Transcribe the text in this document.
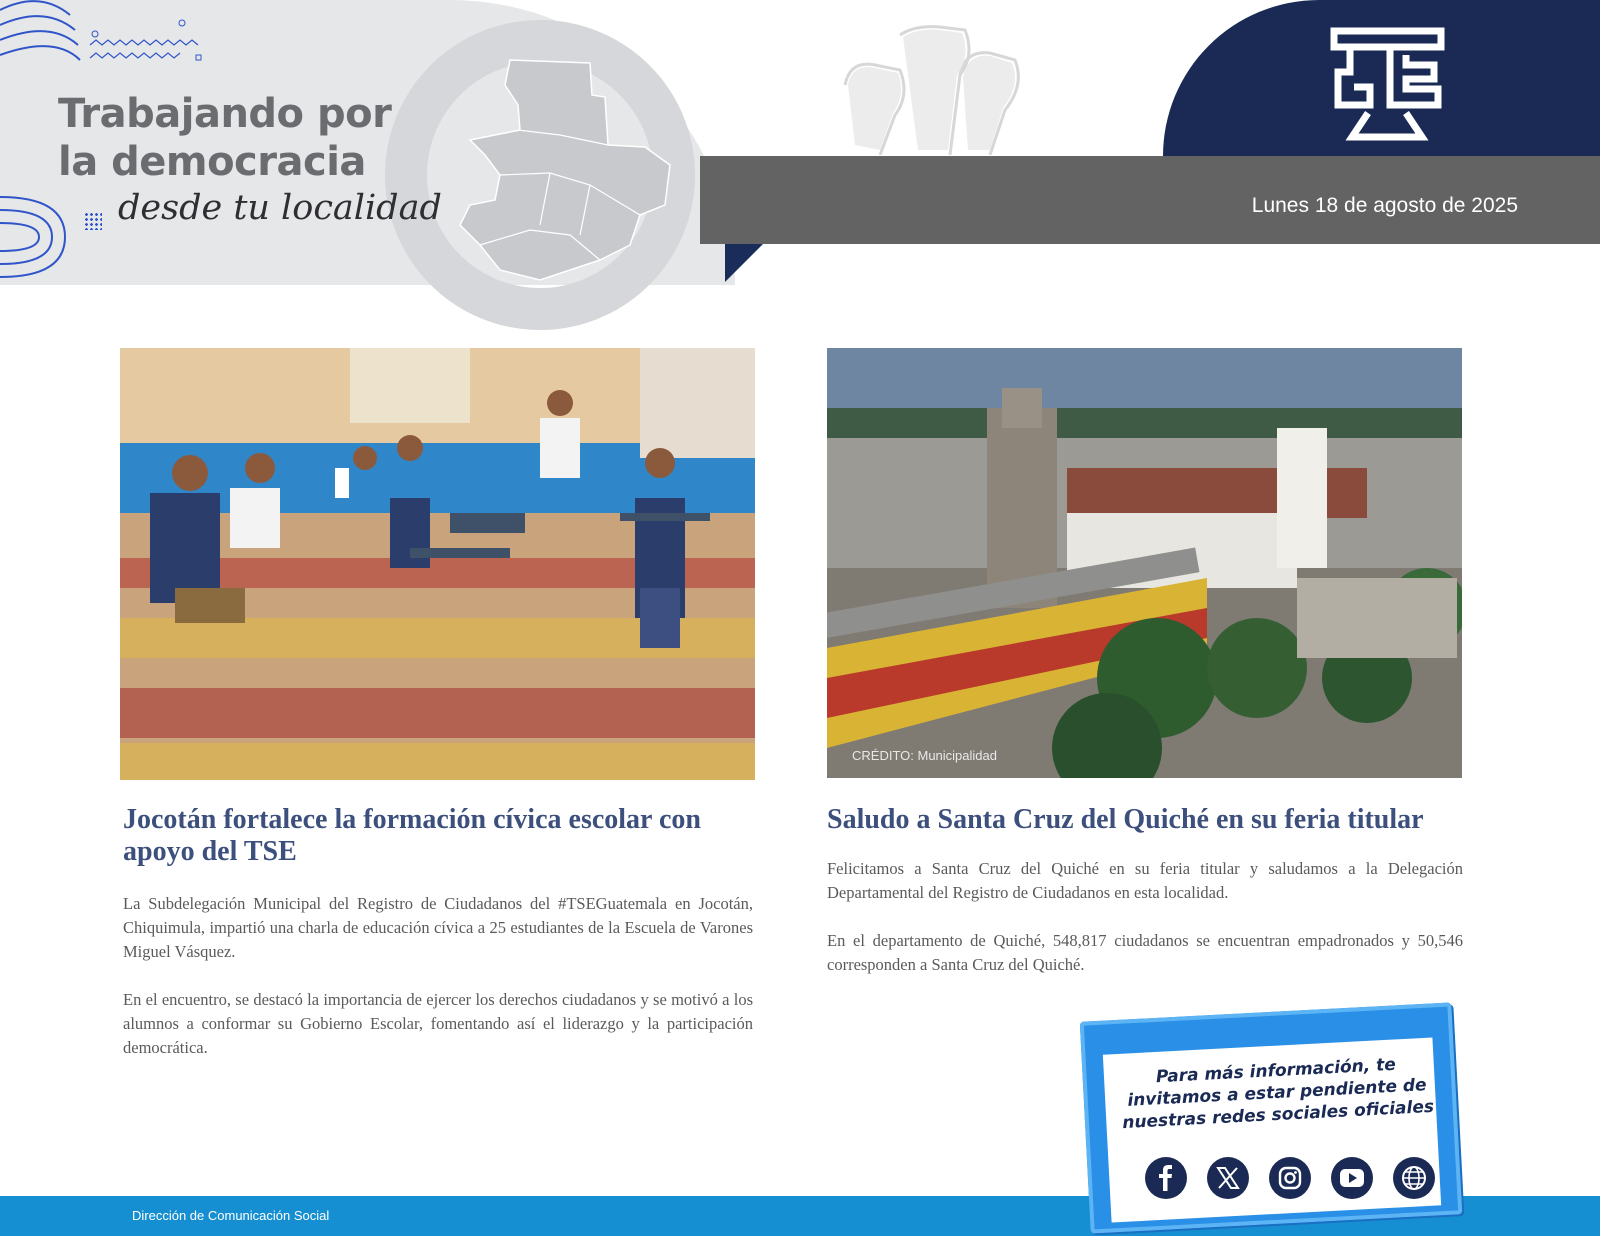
Trabajando por
la democracia
desde tu localidad	Lunes 18 de agosto de 2025
CRÉDITO: Municipalidad
Jocotán fortalece la formación cívica escolar con apoyo del TSE
La Subdelegación Municipal del Registro de Ciudadanos del #TSEGuatemala en Jocotán, Chiquimula, impartió una charla de educación cívica a 25 estudiantes de la Escuela de Varones Miguel Vásquez.
En el encuentro, se destacó la importancia de ejercer los derechos ciudadanos y se motivó a los alumnos a conformar su Gobierno Escolar, fomentando así el liderazgo y la participación democrática.
Saludo a Santa Cruz del Quiché en su feria titular
Felicitamos a Santa Cruz del Quiché en su feria titular y saludamos a la Delegación Departamental del Registro de Ciudadanos en esta localidad.
En el departamento de Quiché, 548,817 ciudadanos se encuentran empadronados y 50,546 corresponden a Santa Cruz del Quiché.
Dirección de Comunicación Social
Para más información, te invitamos a estar pendiente de nuestras redes sociales oficiales
